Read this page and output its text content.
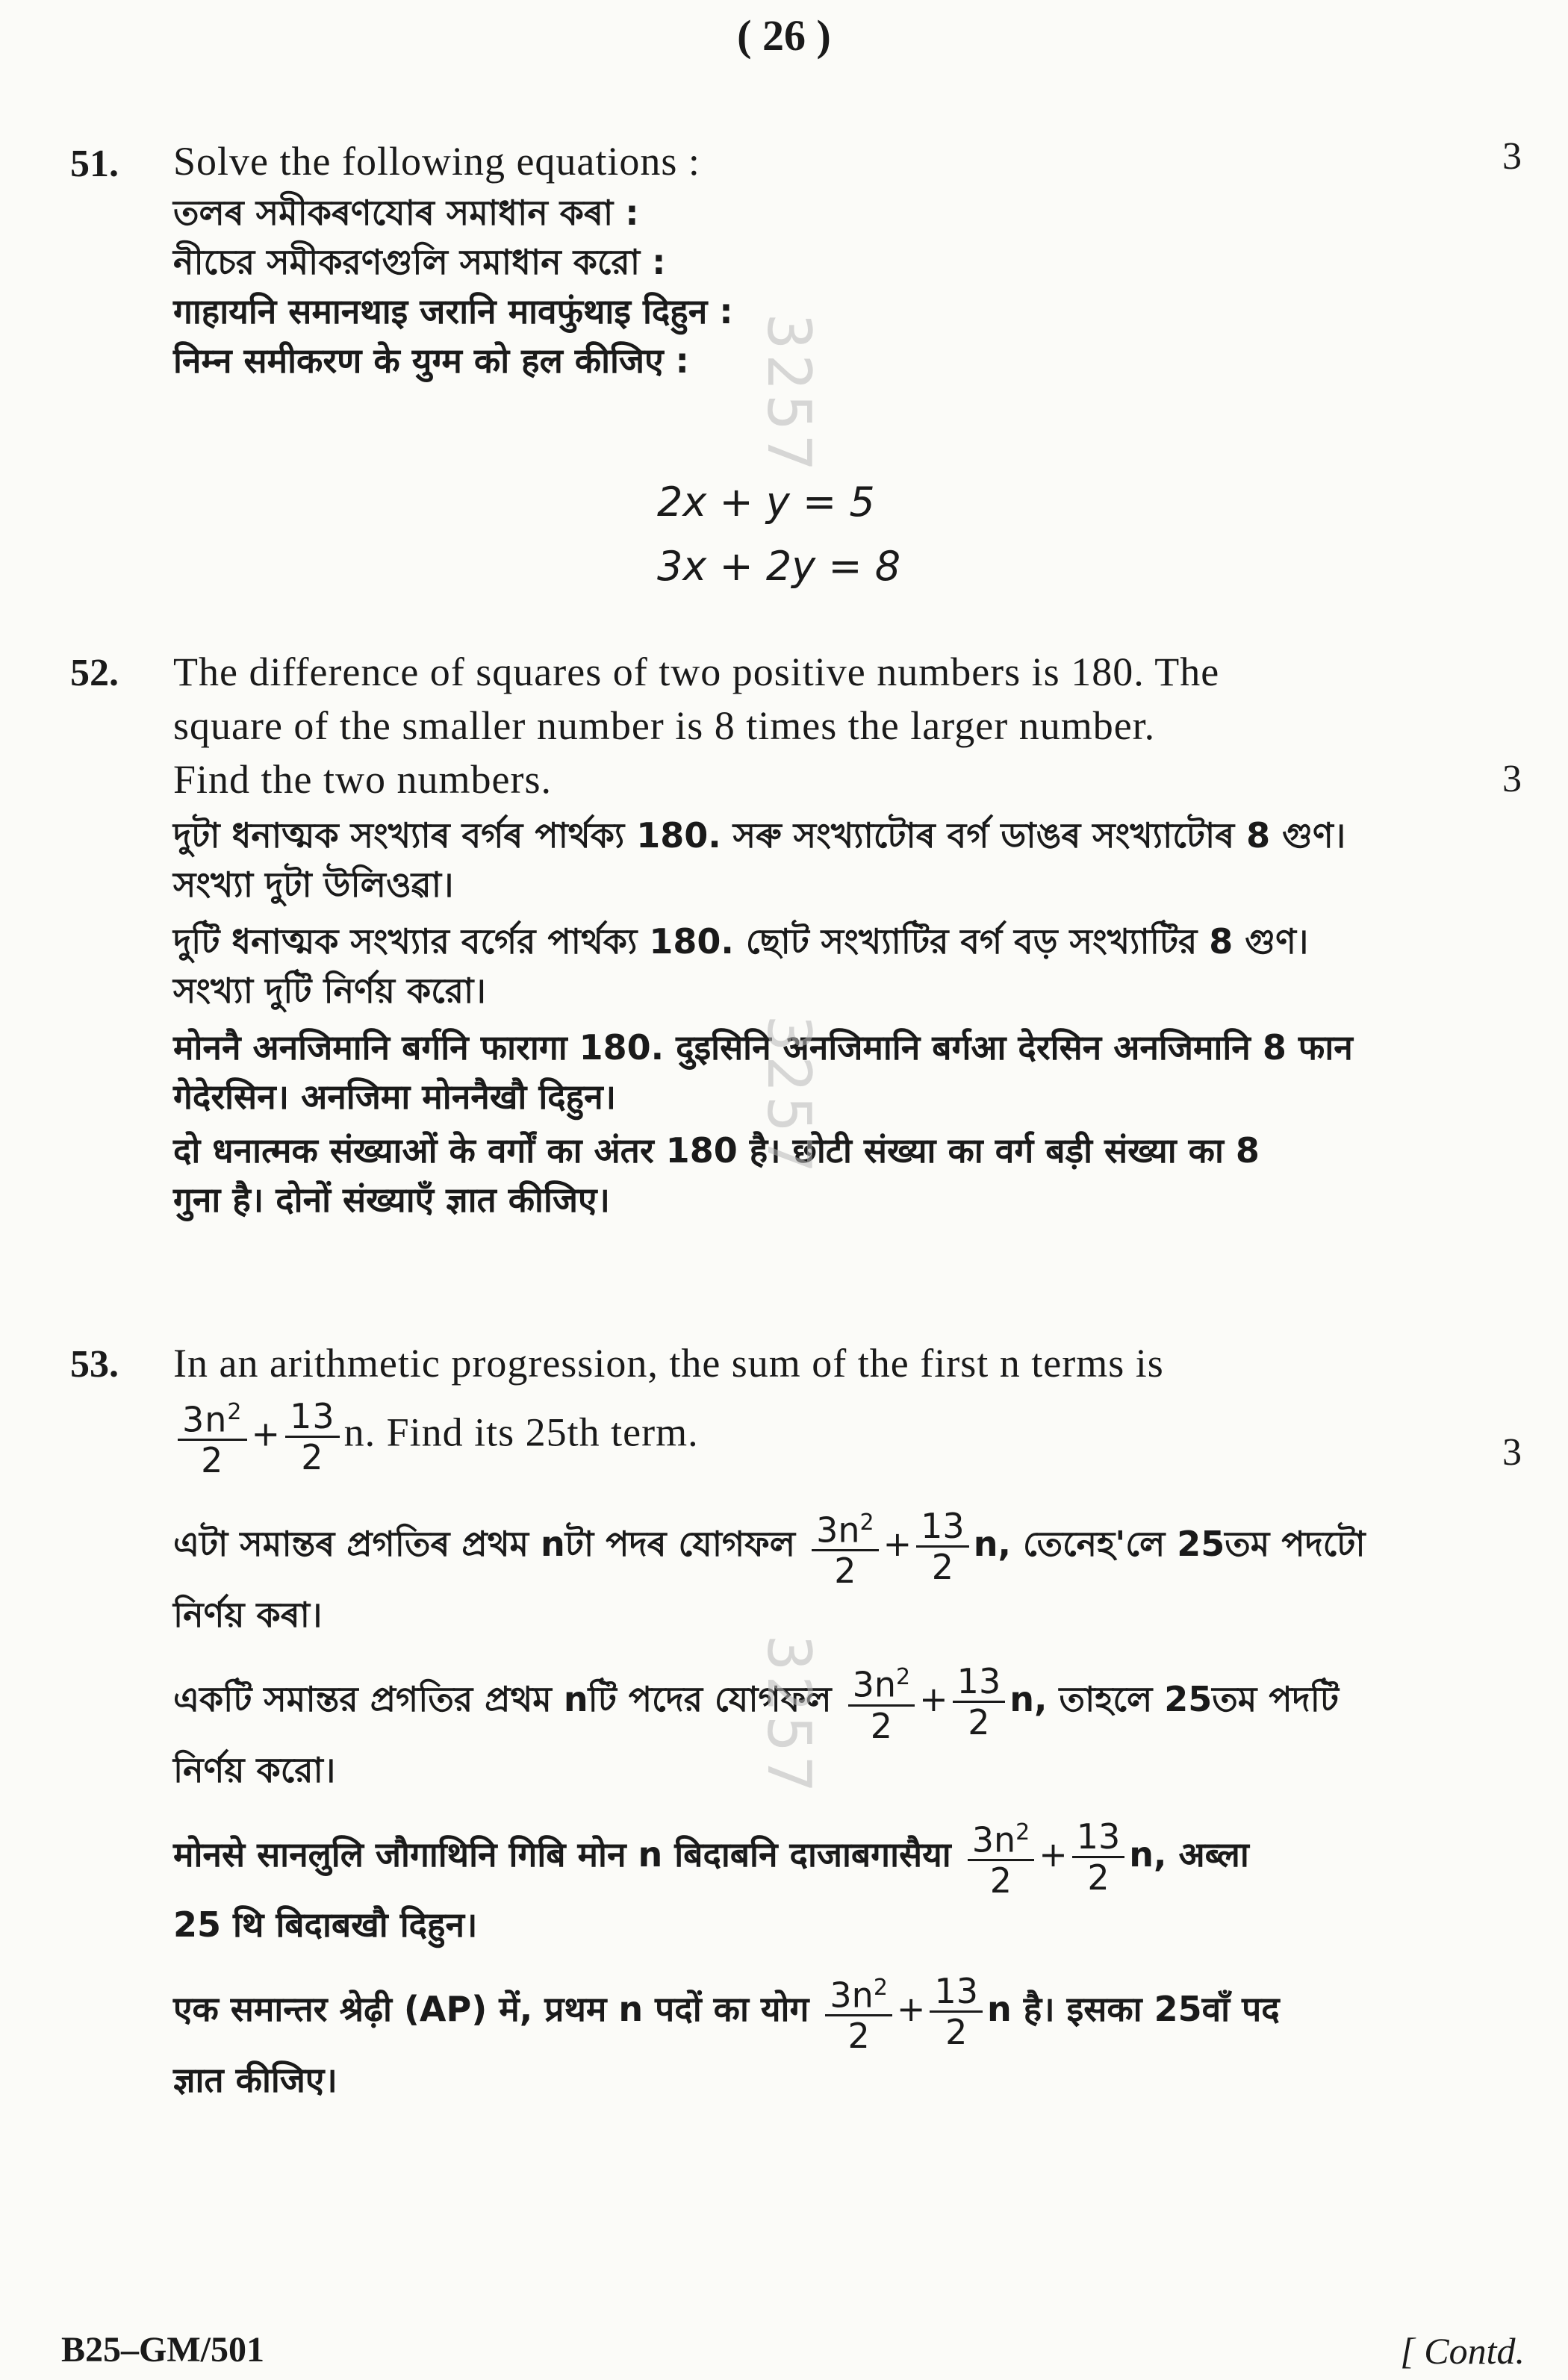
( 26 )
51.	3

Solve the following equations :

তলৰ সমীকৰণযোৰ সমাধান কৰা :

নীচের সমীকরণগুলি সমাধান করো :

गाहायनि समानथाइ जरानि मावफुंथाइ दिहुन :

निम्न समीकरण के युग्म को हल कीजिए :

2x + y = 5
3x + 2y = 8
52.
3

The difference of squares of two positive numbers is 180. The

square of the smaller number is 8 times the larger number.

Find the two numbers.

দুটা ধনাত্মক সংখ্যাৰ বৰ্গৰ পাৰ্থক্য 180. সৰু সংখ্যাটোৰ বৰ্গ ডাঙৰ সংখ্যাটোৰ 8 গুণ।

সংখ্যা দুটা উলিওৱা।

দুটি ধনাত্মক সংখ্যার বর্গের পার্থক্য 180. ছোট সংখ্যাটির বর্গ বড় সংখ্যাটির 8 গুণ।

সংখ্যা দুটি নির্ণয় করো।

मोननै अनजिमानि बर्गनि फारागा 180. दुइसिनि अनजिमानि बर्गआ देरसिन अनजिमानि 8 फान

गेदेरसिन। अनजिमा मोननैखौ दिहुन।

दो धनात्मक संख्याओं के वर्गों का अंतर 180 है। छोटी संख्या का वर्ग बड़ी संख्या का 8

गुना है। दोनों संख्याएँ ज्ञात कीजिए।

53.
3

In an arithmetic progression, the sum of the first n terms is

$\frac{3n^2}{2} + \frac{13}{2} n$. Find its 25th term.

এটা সমান্তৰ প্ৰগতিৰ প্ৰথম nটা পদৰ যোগফল $\frac{3n^2}{2} + \frac{13}{2} n$, তেনেহ'লে 25তম পদটো

নিৰ্ণয় কৰা।

একটি সমান্তর প্রগতির প্রথম nটি পদের যোগফল $\frac{3n^2}{2} + \frac{13}{2} n$, তাহলে 25তম পদটি

নির্ণয় করো।

मोनसे सानलुलि जौगाथिनि गिबि मोन n बिदाबनि दाजाबगासैया $\frac{3n^2}{2} + \frac{13}{2} n$, अब्ला

25 थि बिदाबखौ दिहुन।

एक समान्तर श्रेढ़ी (AP) में, प्रथम n पदों का योग $\frac{3n^2}{2} + \frac{13}{2}$ n है। इसका 25वाँ पद

ज्ञात कीजिए।

3257
3257
3257
B25–GM/501	[ Contd.
